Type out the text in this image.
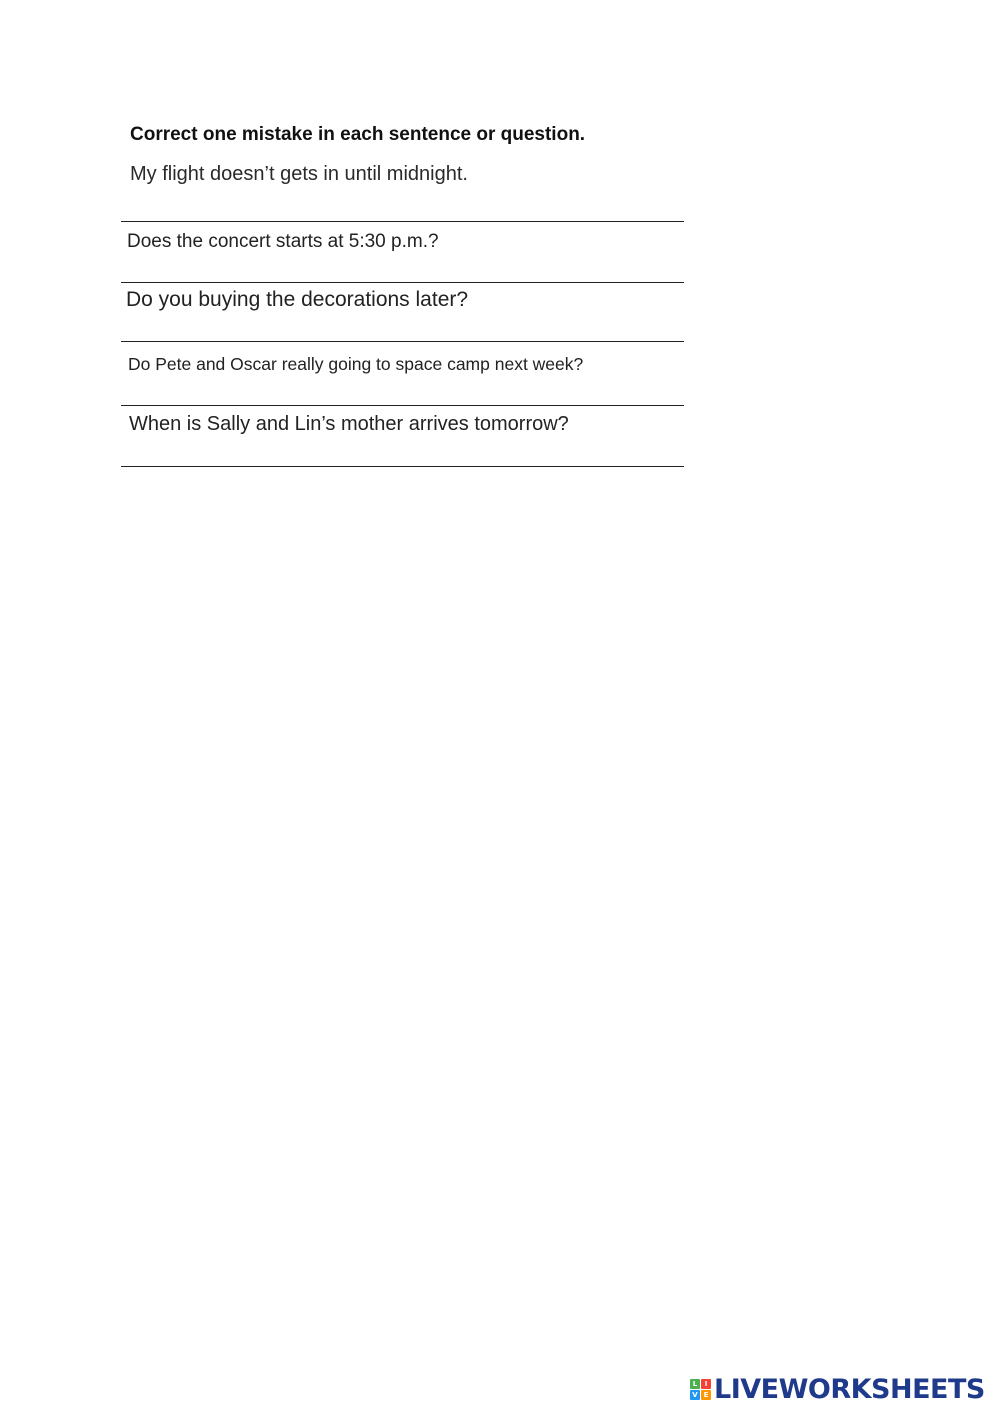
Correct one mistake in each sentence or question.
My flight doesn’t gets in until midnight.
Does the concert starts at 5:30 p.m.?
Do you buying the decorations later?
Do Pete and Oscar really going to space camp next week?
When is Sally and Lin’s mother arrives tomorrow?
L	I
V E LIVEWORKSHEETS
